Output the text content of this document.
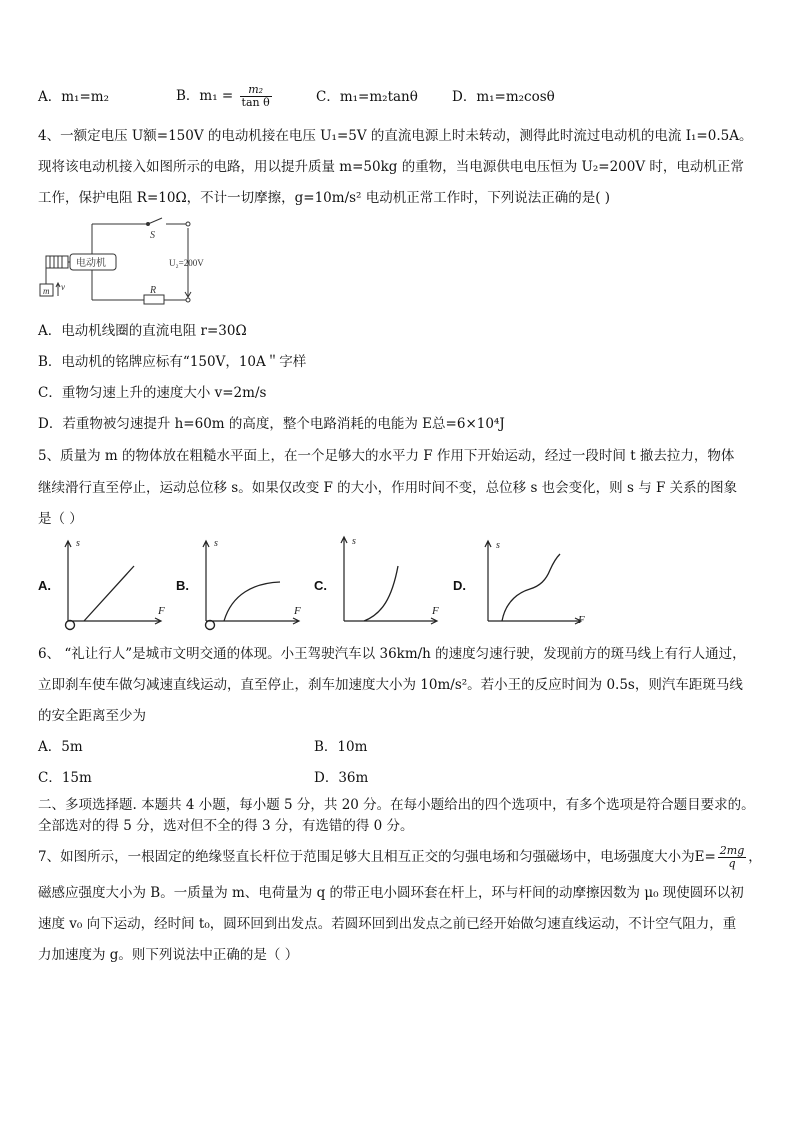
A．m₁=m₂	B．$m_1 = \frac{\text{m₂}}{\text{tan θ}}$	C．m₁=m₂tanθ	D．m₁=m₂cosθ
4、一额定电压 U额=150V 的电动机接在电压 U₁=5V 的直流电源上时未转动，测得此时流过电动机的电流 I₁=0.5A。
现将该电动机接入如图所示的电路，用以提升质量 m=50kg 的重物，当电源供电电压恒为 U₂=200V 时，电动机正常
工作，保护电阻 R=10Ω，不计一切摩擦，g=10m/s² 电动机正常工作时，下列说法正确的是( )
S
电动机	U₂=200V
R
m v
A．电动机线圈的直流电阻 r=30Ω
B．电动机的铭牌应标有“150V，10A＂字样
C．重物匀速上升的速度大小 v=2m/s
D．若重物被匀速提升 h=60m 的高度，整个电路消耗的电能为 E总=6×10⁴J
5、质量为 m 的物体放在粗糙水平面上，在一个足够大的水平力 F 作用下开始运动，经过一段时间 t 撤去拉力，物体
继续滑行直至停止，运动总位移 s。如果仅改变 F 的大小，作用时间不变，总位移 s 也会变化，则 s 与 F 关系的图象
是（ ）
A.
s
F
B.
s
F
C.
s
F
D.
s
F
6、 “礼让行人”是城市文明交通的体现。小王驾驶汽车以 36km/h 的速度匀速行驶，发现前方的斑马线上有行人通过，
立即刹车使车做匀减速直线运动，直至停止，刹车加速度大小为 10m/s²。若小王的反应时间为 0.5s，则汽车距斑马线
的安全距离至少为
A．5m	B．10m
C．15m	D．36m
二、多项选择题. 本题共 4 小题，每小题 5 分，共 20 分。在每小题给出的四个选项中，有多个选项是符合题目要求的。
全部选对的得 5 分，选对但不全的得 3 分，有选错的得 0 分。
7、如图所示，一根固定的绝缘竖直长杆位于范围足够大且相互正交的匀强电场和匀强磁场中，电场强度大小为$E= \frac{2mg}{q}$ ，
磁感应强度大小为 B。一质量为 m、电荷量为 q 的带正电小圆环套在杆上，环与杆间的动摩擦因数为 μ₀ 现使圆环以初
速度 v₀ 向下运动，经时间 t₀，圆环回到出发点。若圆环回到出发点之前已经开始做匀速直线运动，不计空气阻力，重
力加速度为 g。则下列说法中正确的是（ ）
